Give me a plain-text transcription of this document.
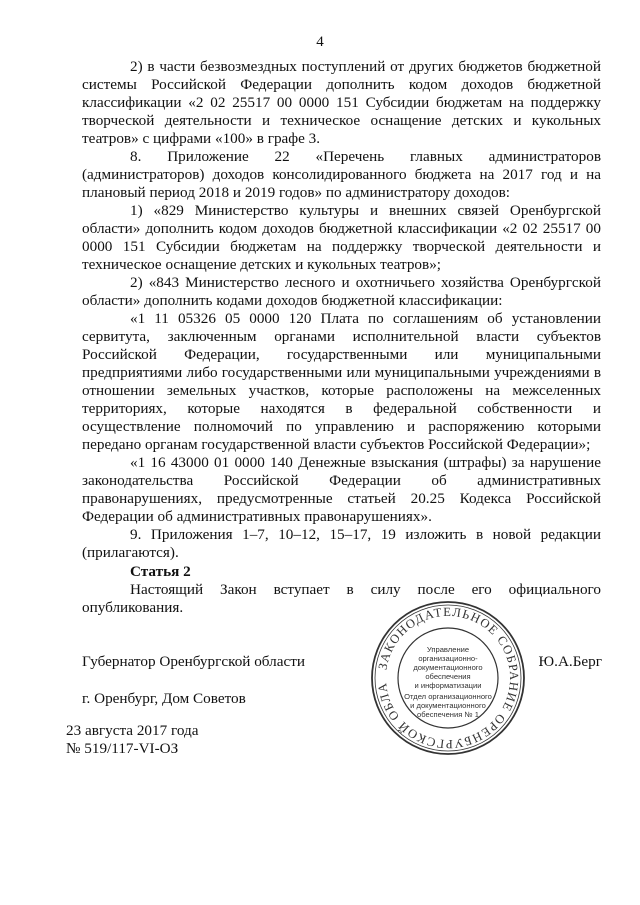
4

2) в части безвозмездных поступлений от других бюджетов бюджетной системы Российской Федерации дополнить кодом доходов бюджетной классификации «2 02 25517 00 0000 151 Субсидии бюджетам на поддержку творческой деятельности и техническое оснащение детских и кукольных театров» с цифрами «100» в графе 3.

8. Приложение 22 «Перечень главных администраторов (администраторов) доходов консолидированного бюджета на 2017 год и на плановый период 2018 и 2019 годов» по администратору доходов:

1) «829 Министерство культуры и внешних связей Оренбургской области» дополнить кодом доходов бюджетной классификации «2 02 25517 00 0000 151 Субсидии бюджетам на поддержку творческой деятельности и техническое оснащение детских и кукольных театров»;

2) «843 Министерство лесного и охотничьего хозяйства Оренбургской области» дополнить кодами доходов бюджетной классификации:

«1 11 05326 05 0000 120 Плата по соглашениям об установлении сервитута, заключенным органами исполнительной власти субъектов Российской Федерации, государственными или муниципальными предприятиями либо государственными или муниципальными учреждениями в отношении земельных участков, которые расположены на межселенных территориях, которые находятся в федеральной собственности и осуществление полномочий по управлению и распоряжению которыми передано органам государственной власти субъектов Российской Федерации»;

«1 16 43000 01 0000 140 Денежные взыскания (штрафы) за нарушение законодательства Российской Федерации об административных правонарушениях, предусмотренные статьей 20.25 Кодекса Российской Федерации об административных правонарушениях».

9. Приложения 1–7, 10–12, 15–17, 19 изложить в новой редакции (прилагаются).

Статья 2

Настоящий Закон вступает в силу после его официального опубликования.

Губернатор Оренбургской области	Ю.А.Берг
г. Оренбург, Дом Советов
23 августа 2017 года
№ 519/117-VI-ОЗ
ЗАКОНОДАТЕЛЬНОЕ СОБРАНИЕ ОРЕНБУРГСКОЙ ОБЛА
Управление
организационно-
документационного
обеспечения
и информатизации
Отдел организационного
и документационного
обеспечения № 1
